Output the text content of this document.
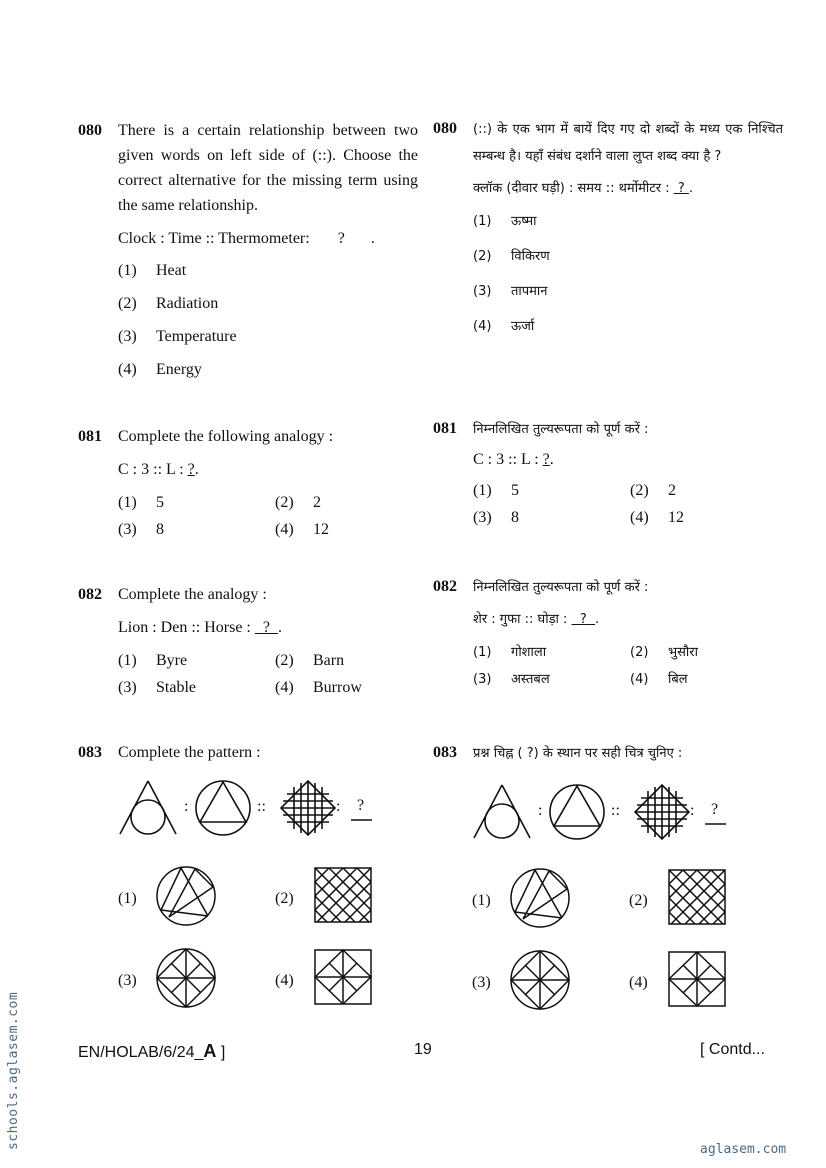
080	There is a certain relationship between two given words on left side of (::). Choose the correct alternative for the missing term using the same relationship.
Clock : Time :: Thermometer: ? .
(1)	Heat
(2)	Radiation
(3)	Temperature
(4)	Energy
081	Complete the following analogy :
C : 3 :: L : ?.
(1)	5	(2)	2
(3)	8	(4)	12
082	Complete the analogy :
Lion : Den :: Horse :   ? .
(1)	Byre	(2)	Barn
(3)	Stable	(4)	Burrow
083	Complete the pattern :
:	::	: ?
(1)	(2)
(3)	(4)
080	(::) के एक भाग में बायें दिए गए दो शब्दों के मध्य एक निश्चित सम्बन्ध है। यहाँ संबंध दर्शाने वाला लुप्त शब्द क्या है ?
क्लॉक (दीवार घड़ी) : समय :: थर्मोमीटर :  ? .
(1)	ऊष्मा
(2)	विकिरण
(3)	तापमान
(4)	ऊर्जा
081	निम्नलिखित तुल्यरूपता को पूर्ण करें :
C : 3 :: L : ?.
(1)	5	(2)	2
(3)	8	(4)	12
082	निम्नलिखित तुल्यरूपता को पूर्ण करें :
शेर : गुफा :: घोड़ा :   ? .
(1)	गोशाला	(2)	भुसौरा
(3)	अस्तबल	(4)	बिल
083	प्रश्न चिह्न ( ?) के स्थान पर सही चित्र चुनिए :
:	::	: ?
(1)	(2)
(3)	(4)
EN/HOLAB/6/24_A ]	19	[ Contd...
schools.aglasem.com	aglasem.com
